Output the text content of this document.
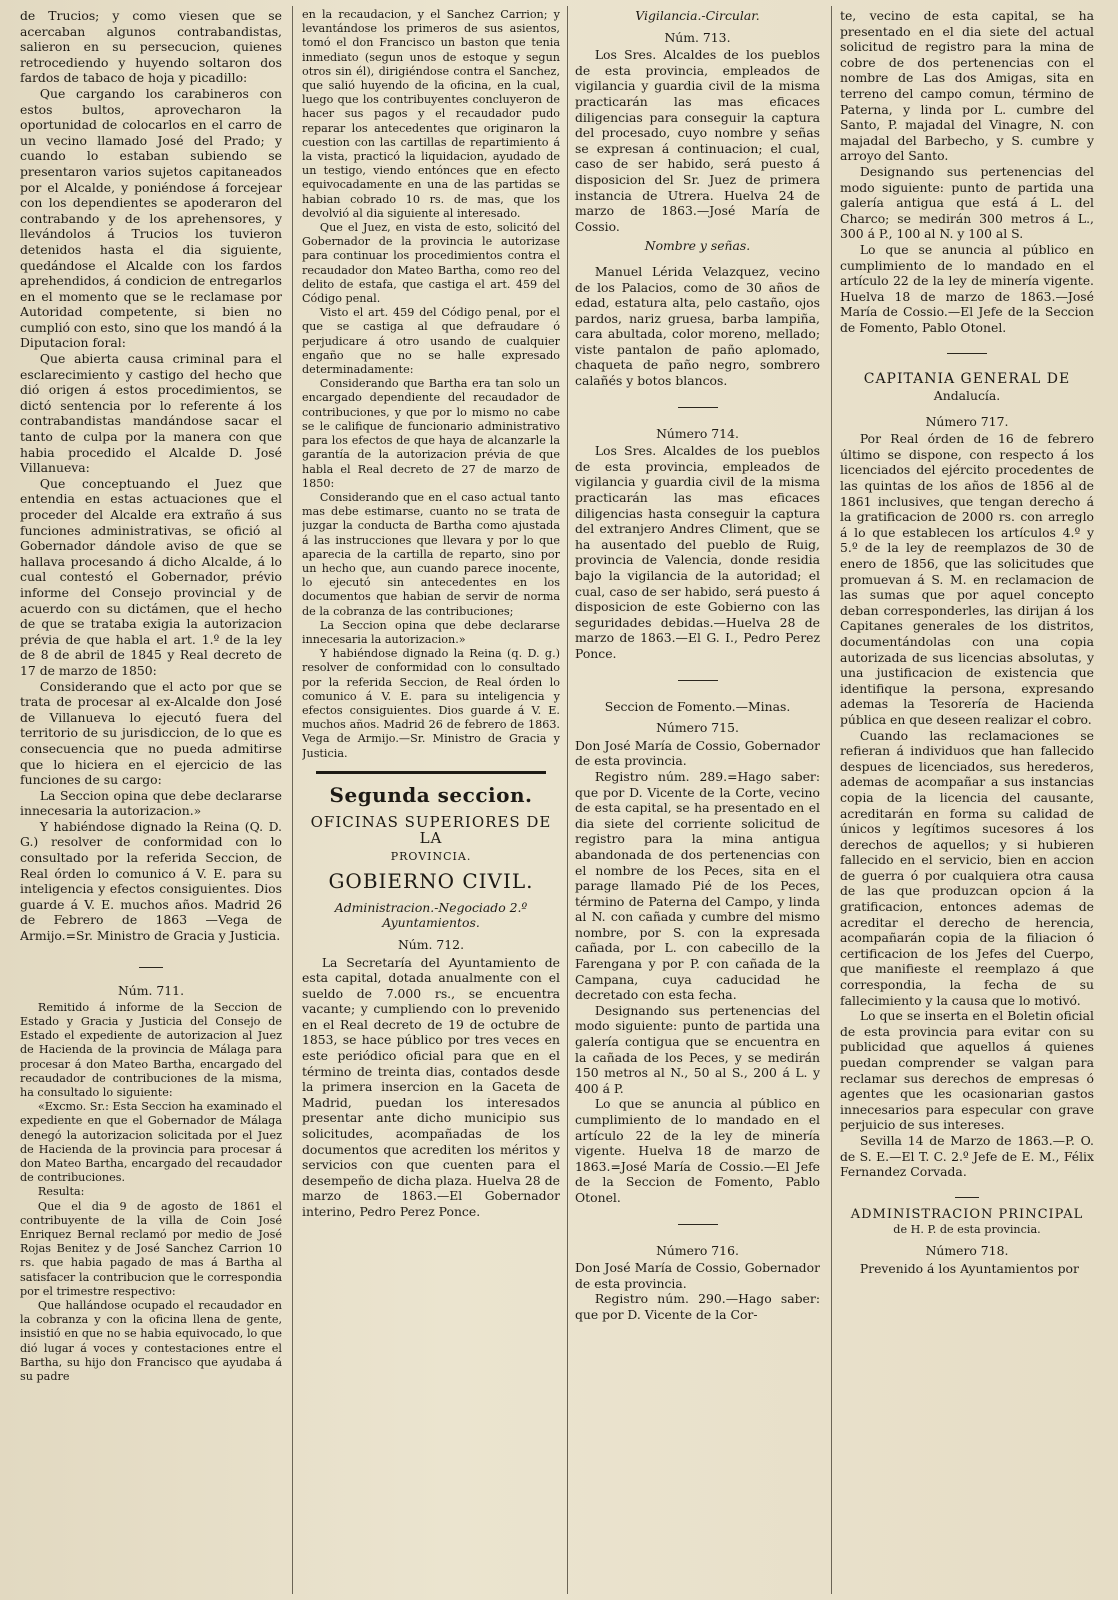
de Trucios; y como viesen que se acercaban algunos contrabandistas, salieron en su persecucion, quienes retrocediendo y huyendo soltaron dos fardos de tabaco de hoja y picadillo:

Que cargando los carabineros con estos bultos, aprovecharon la oportunidad de colocarlos en el carro de un vecino llamado José del Prado; y cuando lo estaban subiendo se presentaron varios sujetos capitaneados por el Alcalde, y poniéndose á forcejear con los dependientes se apoderaron del contrabando y de los aprehensores, y llevándolos á Trucios los tuvieron detenidos hasta el dia siguiente, quedándose el Alcalde con los fardos aprehendidos, á condicion de entregarlos en el momento que se le reclamase por Autoridad competente, si bien no cumplió con esto, sino que los mandó á la Diputacion foral:

Que abierta causa criminal para el esclarecimiento y castigo del hecho que dió origen á estos procedimientos, se dictó sentencia por lo referente á los contrabandistas mandándose sacar el tanto de culpa por la manera con que habia procedido el Alcalde D. José Villanueva:

Que conceptuando el Juez que entendia en estas actuaciones que el proceder del Alcalde era extraño á sus funciones administrativas, se ofició al Gobernador dándole aviso de que se hallava procesando á dicho Alcalde, á lo cual contestó el Gobernador, prévio informe del Consejo provincial y de acuerdo con su dictámen, que el hecho de que se trataba exigia la autorizacion prévia de que habla el art. 1.º de la ley de 8 de abril de 1845 y Real decreto de 17 de marzo de 1850:

Considerando que el acto por que se trata de procesar al ex-Alcalde don José de Villanueva lo ejecutó fuera del territorio de su jurisdiccion, de lo que es consecuencia que no pueda admitirse que lo hiciera en el ejercicio de las funciones de su cargo:

La Seccion opina que debe declararse innecesaria la autorizacion.»

Y habiéndose dignado la Reina (Q. D. G.) resolver de conformidad con lo consultado por la referida Seccion, de Real órden lo comunico á V. E. para su inteligencia y efectos consiguientes. Dios guarde á V. E. muchos años. Madrid 26 de Febrero de 1863 —Vega de Armijo.=Sr. Ministro de Gracia y Justicia.

Núm. 711.

Remitido á informe de la Seccion de Estado y Gracia y Justicia del Consejo de Estado el expediente de autorizacion al Juez de Hacienda de la provincia de Málaga para procesar á don Mateo Bartha, encargado del recaudador de contribuciones de la misma, ha consultado lo siguiente:

«Excmo. Sr.: Esta Seccion ha examinado el expediente en que el Gobernador de Málaga denegó la autorizacion solicitada por el Juez de Hacienda de la provincia para procesar á don Mateo Bartha, encargado del recaudador de contribuciones.

Resulta:

Que el dia 9 de agosto de 1861 el contribuyente de la villa de Coin José Enriquez Bernal reclamó por medio de José Rojas Benitez y de José Sanchez Carrion 10 rs. que habia pagado de mas á Bartha al satisfacer la contribucion que le correspondia por el trimestre respectivo:

Que hallándose ocupado el recaudador en la cobranza y con la oficina llena de gente, insistió en que no se habia equivocado, lo que dió lugar á voces y contestaciones entre el Bartha, su hijo don Francisco que ayudaba á su padre

en la recaudacion, y el Sanchez Carrion; y levantándose los primeros de sus asientos, tomó el don Francisco un baston que tenia inmediato (segun unos de estoque y segun otros sin él), dirigiéndose contra el Sanchez, que salió huyendo de la oficina, en la cual, luego que los contribuyentes concluyeron de hacer sus pagos y el recaudador pudo reparar los antecedentes que originaron la cuestion con las cartillas de repartimiento á la vista, practicó la liquidacion, ayudado de un testigo, viendo entónces que en efecto equivocadamente en una de las partidas se habian cobrado 10 rs. de mas, que los devolvió al dia siguiente al interesado.

Que el Juez, en vista de esto, solicitó del Gobernador de la provincia le autorizase para continuar los procedimientos contra el recaudador don Mateo Bartha, como reo del delito de estafa, que castiga el art. 459 del Código penal.

Visto el art. 459 del Código penal, por el que se castiga al que defraudare ó perjudicare á otro usando de cualquier engaño que no se halle expresado determinadamente:

Considerando que Bartha era tan solo un encargado dependiente del recaudador de contribuciones, y que por lo mismo no cabe se le califique de funcionario administrativo para los efectos de que haya de alcanzarle la garantía de la autorizacion prévia de que habla el Real decreto de 27 de marzo de 1850:

Considerando que en el caso actual tanto mas debe estimarse, cuanto no se trata de juzgar la conducta de Bartha como ajustada á las instrucciones que llevara y por lo que aparecia de la cartilla de reparto, sino por un hecho que, aun cuando parece inocente, lo ejecutó sin antecedentes en los documentos que habian de servir de norma de la cobranza de las contribuciones;

La Seccion opina que debe declararse innecesaria la autorizacion.»

Y habiéndose dignado la Reina (q. D. g.) resolver de conformidad con lo consultado por la referida Seccion, de Real órden lo comunico á V. E. para su inteligencia y efectos consiguientes. Dios guarde á V. E. muchos años. Madrid 26 de febrero de 1863. Vega de Armijo.—Sr. Ministro de Gracia y Justicia.

Segunda seccion.
OFICINAS SUPERIORES DE LA
PROVINCIA.
GOBIERNO CIVIL.

Administracion.-Negociado 2.º

Ayuntamientos.

Núm. 712.

La Secretaría del Ayuntamiento de esta capital, dotada anualmente con el sueldo de 7.000 rs., se encuentra vacante; y cumpliendo con lo prevenido en el Real decreto de 19 de octubre de 1853, se hace público por tres veces en este periódico oficial para que en el término de treinta dias, contados desde la primera insercion en la Gaceta de Madrid, puedan los interesados presentar ante dicho municipio sus solicitudes, acompañadas de los documentos que acrediten los méritos y servicios con que cuenten para el desempeño de dicha plaza. Huelva 28 de marzo de 1863.—El Gobernador interino, Pedro Perez Ponce.

Vigilancia.-Circular.

Núm. 713.

Los Sres. Alcaldes de los pueblos de esta provincia, empleados de vigilancia y guardia civil de la misma practicarán las mas eficaces diligencias para conseguir la captura del procesado, cuyo nombre y señas se expresan á continuacion; el cual, caso de ser habido, será puesto á disposicion del Sr. Juez de primera instancia de Utrera. Huelva 24 de marzo de 1863.—José María de Cossio.

Nombre y señas.

Manuel Lérida Velazquez, vecino de los Palacios, como de 30 años de edad, estatura alta, pelo castaño, ojos pardos, nariz gruesa, barba lampiña, cara abultada, color moreno, mellado; viste pantalon de paño aplomado, chaqueta de paño negro, sombrero calañés y botos blancos.

Número 714.

Los Sres. Alcaldes de los pueblos de esta provincia, empleados de vigilancia y guardia civil de la misma practicarán las mas eficaces diligencias hasta conseguir la captura del extranjero Andres Climent, que se ha ausentado del pueblo de Ruig, provincia de Valencia, donde residia bajo la vigilancia de la autoridad; el cual, caso de ser habido, será puesto á disposicion de este Gobierno con las seguridades debidas.—Huelva 28 de marzo de 1863.—El G. I., Pedro Perez Ponce.

Seccion de Fomento.—Minas.

Número 715.

Don José María de Cossio, Gobernador de esta provincia.

Registro núm. 289.=Hago saber: que por D. Vicente de la Corte, vecino de esta capital, se ha presentado en el dia siete del corriente solicitud de registro para la mina antigua abandonada de dos pertenencias con el nombre de los Peces, sita en el parage llamado Pié de los Peces, término de Paterna del Campo, y linda al N. con cañada y cumbre del mismo nombre, por S. con la expresada cañada, por L. con cabecillo de la Farengana y por P. con cañada de la Campana, cuya caducidad he decretado con esta fecha.

Designando sus pertenencias del modo siguiente: punto de partida una galería contigua que se encuentra en la cañada de los Peces, y se medirán 150 metros al N., 50 al S., 200 á L. y 400 á P.

Lo que se anuncia al público en cumplimiento de lo mandado en el artículo 22 de la ley de minería vigente. Huelva 18 de marzo de 1863.=José María de Cossio.—El Jefe de la Seccion de Fomento, Pablo Otonel.

Número 716.

Don José María de Cossio, Gobernador de esta provincia.

Registro núm. 290.—Hago saber: que por D. Vicente de la Cor-

te, vecino de esta capital, se ha presentado en el dia siete del actual solicitud de registro para la mina de cobre de dos pertenencias con el nombre de Las dos Amigas, sita en terreno del campo comun, término de Paterna, y linda por L. cumbre del Santo, P. majadal del Vinagre, N. con majadal del Barbecho, y S. cumbre y arroyo del Santo.

Designando sus pertenencias del modo siguiente: punto de partida una galería antigua que está á L. del Charco; se medirán 300 metros á L., 300 á P., 100 al N. y 100 al S.

Lo que se anuncia al público en cumplimiento de lo mandado en el artículo 22 de la ley de minería vigente. Huelva 18 de marzo de 1863.—José María de Cossio.—El Jefe de la Seccion de Fomento, Pablo Otonel.

CAPITANIA GENERAL DE

Andalucía.

Número 717.

Por Real órden de 16 de febrero último se dispone, con respecto á los licenciados del ejército procedentes de las quintas de los años de 1856 al de 1861 inclusives, que tengan derecho á la gratificacion de 2000 rs. con arreglo á lo que establecen los artículos 4.º y 5.º de la ley de reemplazos de 30 de enero de 1856, que las solicitudes que promuevan á S. M. en reclamacion de las sumas que por aquel concepto deban corresponderles, las dirijan á los Capitanes generales de los distritos, documentándolas con una copia autorizada de sus licencias absolutas, y una justificacion de existencia que identifique la persona, expresando ademas la Tesorería de Hacienda pública en que deseen realizar el cobro.

Cuando las reclamaciones se refieran á individuos que han fallecido despues de licenciados, sus herederos, ademas de acompañar a sus instancias copia de la licencia del causante, acreditarán en forma su calidad de únicos y legítimos sucesores á los derechos de aquellos; y si hubieren fallecido en el servicio, bien en accion de guerra ó por cualquiera otra causa de las que produzcan opcion á la gratificacion, entonces ademas de acreditar el derecho de herencia, acompañarán copia de la filiacion ó certificacion de los Jefes del Cuerpo, que manifieste el reemplazo á que correspondia, la fecha de su fallecimiento y la causa que lo motivó.

Lo que se inserta en el Boletin oficial de esta provincia para evitar con su publicidad que aquellos á quienes puedan comprender se valgan para reclamar sus derechos de empresas ó agentes que les ocasionarian gastos innecesarios para especular con grave perjuicio de sus intereses.

Sevilla 14 de Marzo de 1863.—P. O. de S. E.—El T. C. 2.º Jefe de E. M., Félix Fernandez Corvada.

ADMINISTRACION PRINCIPAL

de H. P. de esta provincia.

Número 718.

Prevenido á los Ayuntamientos por
